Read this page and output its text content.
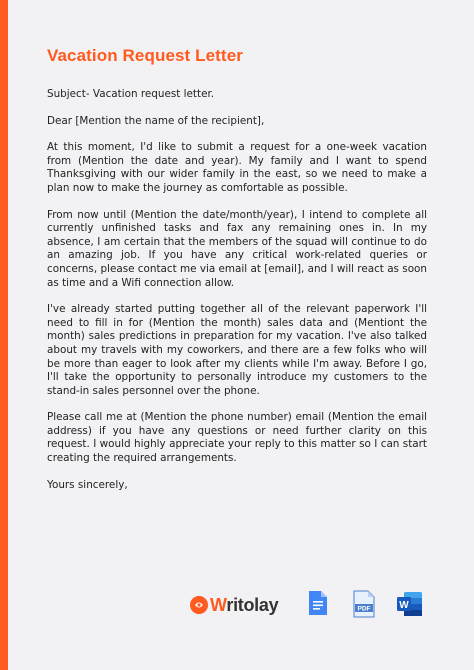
Vacation Request Letter
Subject- Vacation request letter.
Dear [Mention the name of the recipient],
At this moment, I'd like to submit a request for a one-week vacation from (Mention the date and year). My family and I want to spend Thanksgiving with our wider family in the east, so we need to make a plan now to make the journey as comfortable as possible.
From now until (Mention the date/month/year), I intend to complete all currently unfinished tasks and fax any remaining ones in. In my absence, I am certain that the members of the squad will continue to do an amazing job. If you have any critical work-related queries or concerns, please contact me via email at [email], and I will react as soon as time and a Wifi connection allow.
I've already started putting together all of the relevant paperwork I'll need to fill in for (Mention the month) sales data and (Mentiont the month) sales predictions in preparation for my vacation. I've also talked about my travels with my coworkers, and there are a few folks who will be more than eager to look after my clients while I'm away. Before I go, I'll take the opportunity to personally introduce my customers to the stand-in sales personnel over the phone.
Please call me at (Mention the phone number) email (Mention the email address) if you have any questions or need further clarity on this request. I would highly appreciate your reply to this matter so I can start creating the required arrangements.
Yours sincerely,
Writolay	PDF	W
